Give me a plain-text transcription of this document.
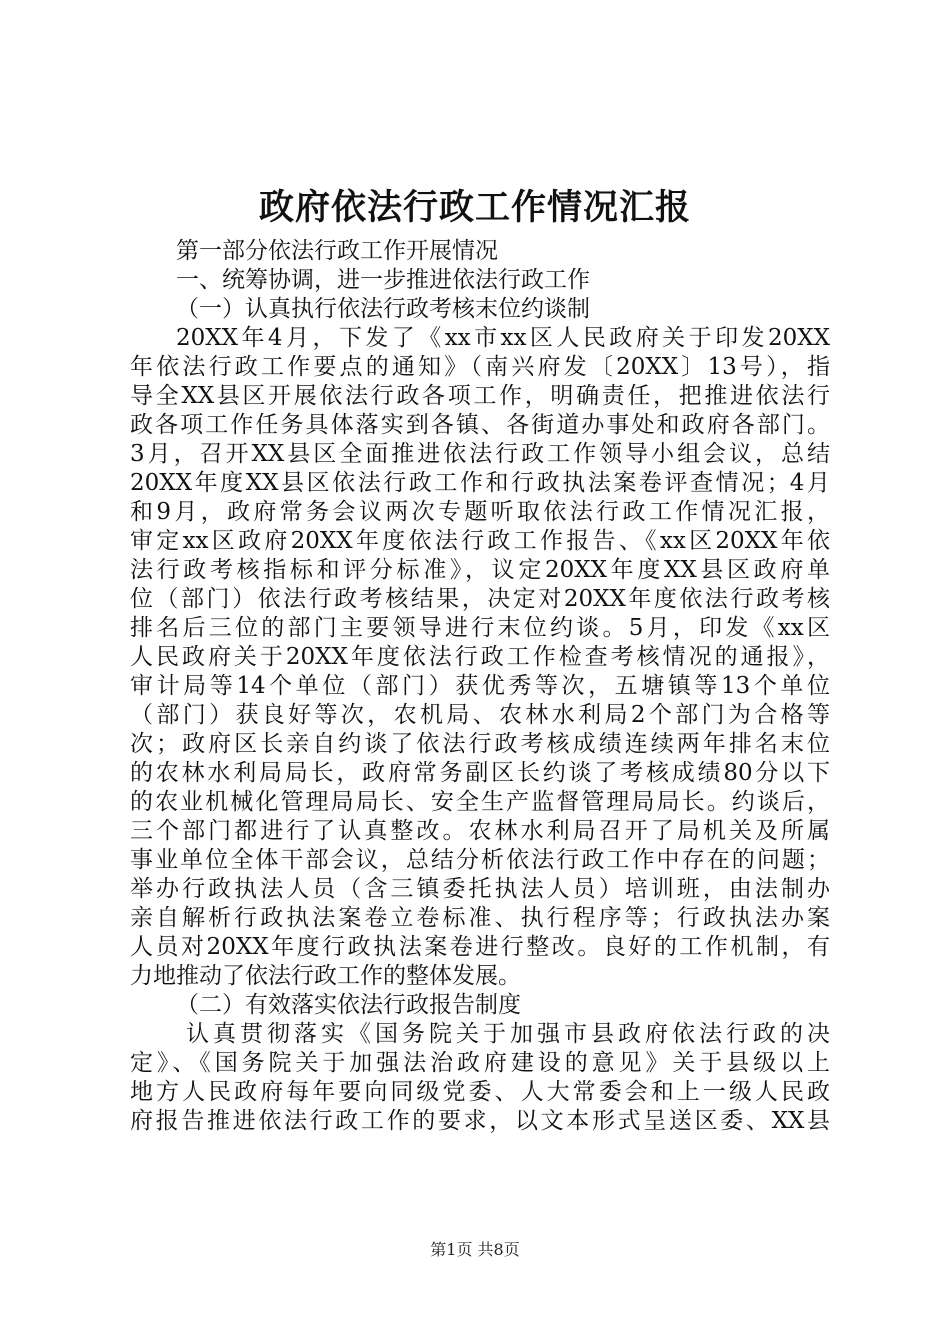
政府依法行政工作情况汇报
第一部分依法行政工作开展情况
一、统筹协调，进一步推进依法行政工作
（一）认真执行依法行政考核末位约谈制
20XX年4月，下发了《xx市xx区人民政府关于印发20XX
年依法行政工作要点的通知》（南兴府发〔20XX〕13号），指
导全XX县区开展依法行政各项工作，明确责任，把推进依法行
政各项工作任务具体落实到各镇、各街道办事处和政府各部门。
3月，召开XX县区全面推进依法行政工作领导小组会议，总结
20XX年度XX县区依法行政工作和行政执法案卷评查情况；4月
和9月，政府常务会议两次专题听取依法行政工作情况汇报，
审定xx区政府20XX年度依法行政工作报告、《xx区20XX年依
法行政考核指标和评分标准》，议定20XX年度XX县区政府单
位（部门）依法行政考核结果，决定对20XX年度依法行政考核
排名后三位的部门主要领导进行末位约谈。5月，印发《xx区
人民政府关于20XX年度依法行政工作检查考核情况的通报》，
审计局等14个单位（部门）获优秀等次，五塘镇等13个单位
（部门）获良好等次，农机局、农林水利局2个部门为合格等
次；政府区长亲自约谈了依法行政考核成绩连续两年排名末位
的农林水利局局长，政府常务副区长约谈了考核成绩80分以下
的农业机械化管理局局长、安全生产监督管理局局长。约谈后，
三个部门都进行了认真整改。农林水利局召开了局机关及所属
事业单位全体干部会议，总结分析依法行政工作中存在的问题；
举办行政执法人员（含三镇委托执法人员）培训班，由法制办
亲自解析行政执法案卷立卷标准、执行程序等；行政执法办案
人员对20XX年度行政执法案卷进行整改。良好的工作机制，有
力地推动了依法行政工作的整体发展。
（二）有效落实依法行政报告制度
认真贯彻落实《国务院关于加强市县政府依法行政的决
定》、《国务院关于加强法治政府建设的意见》关于县级以上
地方人民政府每年要向同级党委、人大常委会和上一级人民政
府报告推进依法行政工作的要求，以文本形式呈送区委、XX县
第1页 共8页
